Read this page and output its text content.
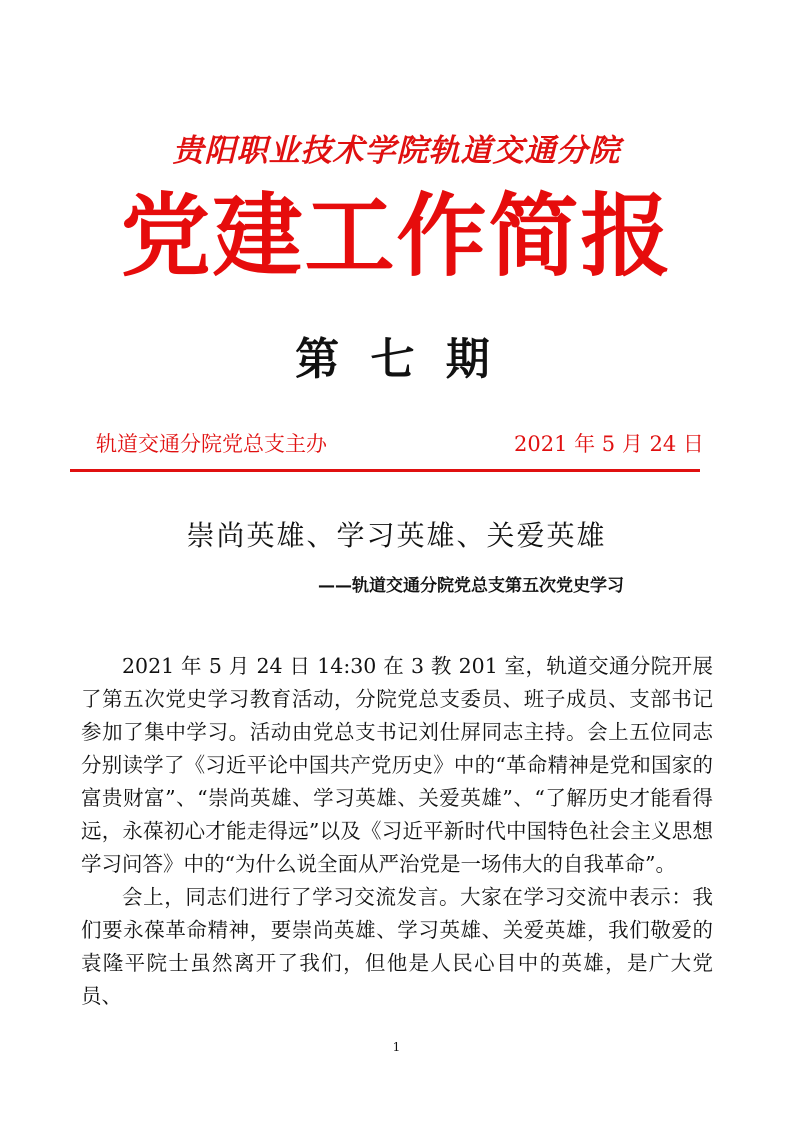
贵阳职业技术学院轨道交通分院
党建工作简报
第 七 期
轨道交通分院党总支主办	2021 年 5 月 24 日
崇尚英雄、学习英雄、关爱英雄
——轨道交通分院党总支第五次党史学习

2021 年 5 月 24 日 14:30 在 3 教 201 室，轨道交通分院开展了第五次党史学习教育活动，分院党总支委员、班子成员、支部书记参加了集中学习。活动由党总支书记刘仕屏同志主持。会上五位同志分别读学了《习近平论中国共产党历史》中的“革命精神是党和国家的富贵财富”、“崇尚英雄、学习英雄、关爱英雄”、“了解历史才能看得远，永葆初心才能走得远”以及《习近平新时代中国特色社会主义思想学习问答》中的“为什么说全面从严治党是一场伟大的自我革命”。

会上，同志们进行了学习交流发言。大家在学习交流中表示：我们要永葆革命精神，要崇尚英雄、学习英雄、关爱英雄，我们敬爱的袁隆平院士虽然离开了我们，但他是人民心目中的英雄，是广大党员、

1
